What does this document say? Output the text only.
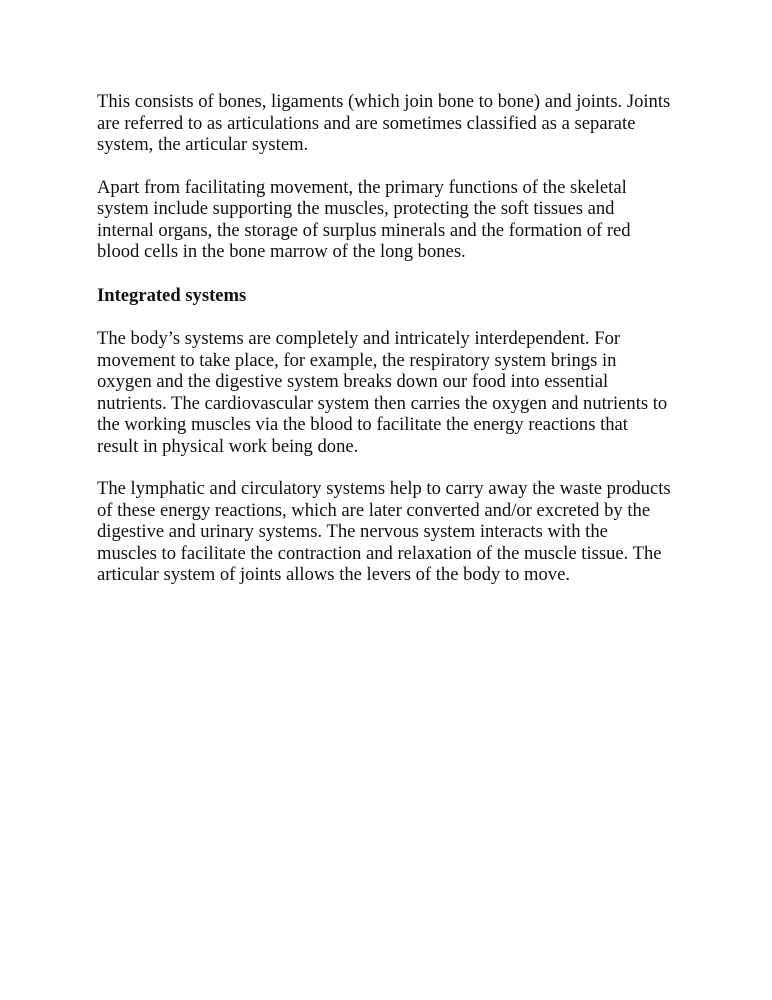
This consists of bones, ligaments (which join bone to bone) and joints. Joints
are referred to as articulations and are sometimes classified as a separate
system, the articular system.

Apart from facilitating movement, the primary functions of the skeletal
system include supporting the muscles, protecting the soft tissues and
internal organs, the storage of surplus minerals and the formation of red
blood cells in the bone marrow of the long bones.

Integrated systems

The body’s systems are completely and intricately interdependent. For
movement to take place, for example, the respiratory system brings in
oxygen and the digestive system breaks down our food into essential
nutrients. The cardiovascular system then carries the oxygen and nutrients to
the working muscles via the blood to facilitate the energy reactions that
result in physical work being done.

The lymphatic and circulatory systems help to carry away the waste products
of these energy reactions, which are later converted and/or excreted by the
digestive and urinary systems. The nervous system interacts with the
muscles to facilitate the contraction and relaxation of the muscle tissue. The
articular system of joints allows the levers of the body to move.
